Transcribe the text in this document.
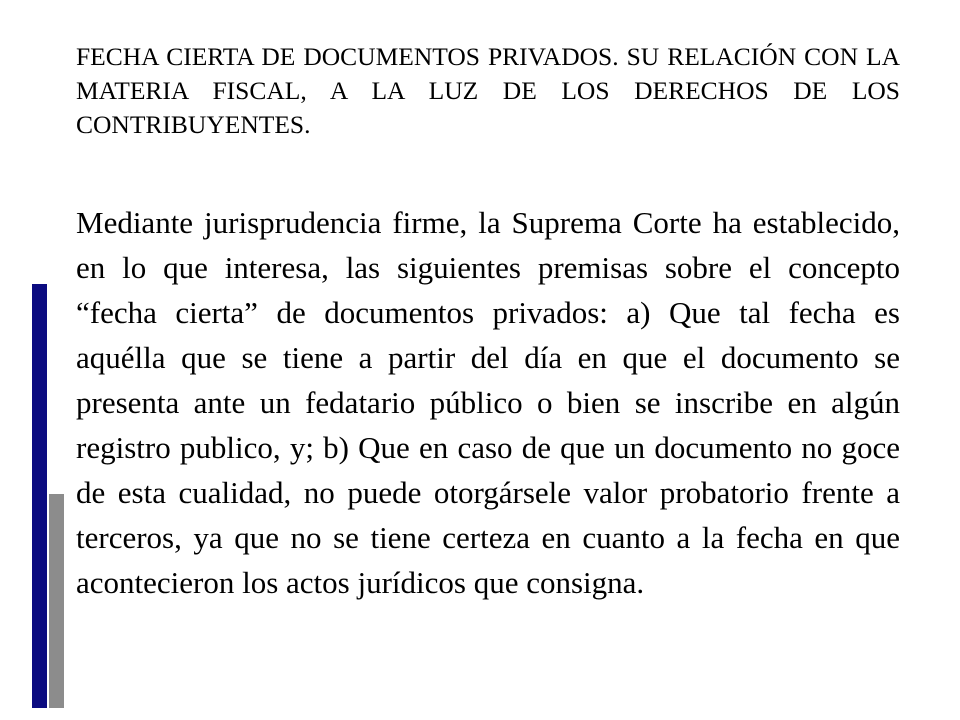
FECHA CIERTA DE DOCUMENTOS PRIVADOS. SU RELACIÓN CON LA MATERIA FISCAL, A LA LUZ DE LOS DERECHOS DE LOS CONTRIBUYENTES.

Mediante jurisprudencia firme, la Suprema Corte ha establecido, en lo que interesa, las siguientes premisas sobre el concepto “fecha cierta” de documentos privados: a) Que tal fecha es aquélla que se tiene a partir del día en que el documento se presenta ante un fedatario público o bien se inscribe en algún registro publico, y; b) Que en caso de que un documento no goce de esta cualidad, no puede otorgársele valor probatorio frente a terceros, ya que no se tiene certeza en cuanto a la fecha en que acontecieron los actos jurídicos que consigna.
